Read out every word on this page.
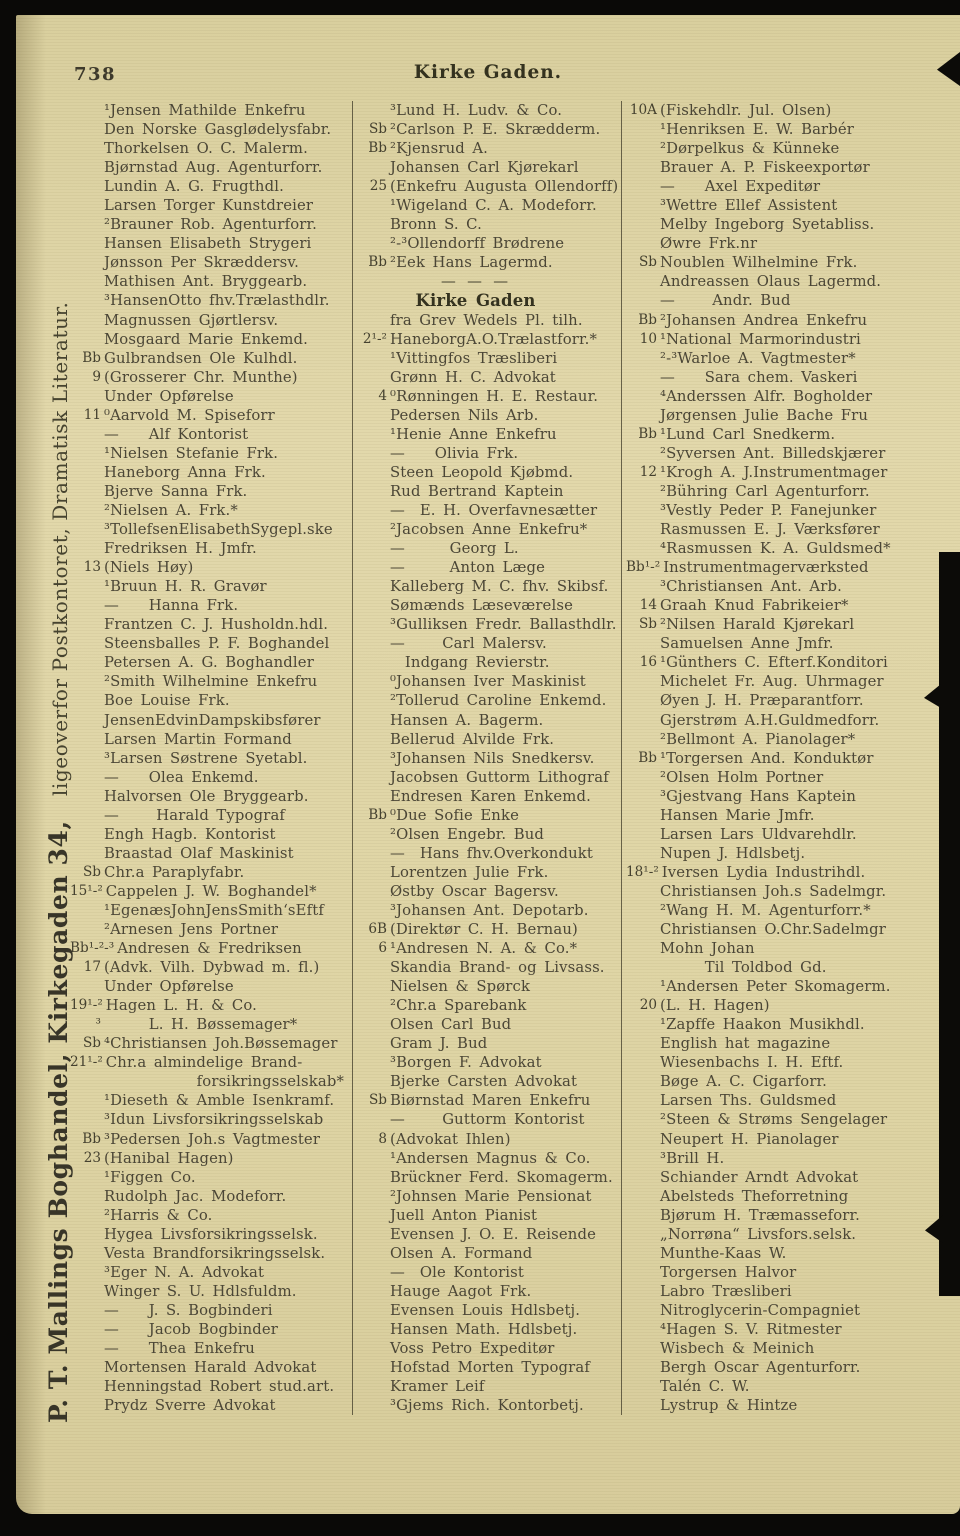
738	Kirke Gaden.
¹Jensen Mathilde Enkefru
Den Norske Gasglødelysfabr.
Thorkelsen O. C. Malerm.
Bjørnstad Aug. Agenturforr.
Lundin A. G. Frugthdl.
Larsen Torger Kunstdreier
²Brauner Rob. Agenturforr.
Hansen Elisabeth Strygeri
Jønsson Per Skræddersv.
Mathisen Ant. Bryggearb.
³HansenOtto fhv.Trælasthdlr.
Magnussen Gjørtlersv.
Mosgaard Marie Enkemd.
Bb Gulbrandsen Ole Kulhdl.
9 (Grosserer Chr. Munthe)
Under Opførelse
11 ⁰Aarvold M. Spiseforr
—    Alf Kontorist
¹Nielsen Stefanie Frk.
Haneborg Anna Frk.
Bjerve Sanna Frk.
²Nielsen A. Frk.*
³TollefsenElisabethSygepl.ske
Fredriksen H. Jmfr.
13 (Niels Høy)
¹Bruun H. R. Gravør
—    Hanna Frk.
Frantzen C. J. Husholdn.hdl.
Steensballes P. F. Boghandel
Petersen A. G. Boghandler
²Smith Wilhelmine Enkefru
Boe Louise Frk.
JensenEdvinDampskibsfører
Larsen Martin Formand
³Larsen Søstrene Syetabl.
—    Olea Enkemd.
Halvorsen Ole Bryggearb.
—     Harald Typograf
Engh Hagb. Kontorist
Braastad Olaf Maskinist
Sb Chr.a Paraplyfabr.
15¹-² Cappelen J. W. Boghandel*
¹EgenæsJohnJensSmith‘sEftf
²Arnesen Jens Portner
Bb¹-²-³ Andresen & Fredriksen
17 (Advk. Vilh. Dybwad m. fl.)
Under Opførelse
19¹-² Hagen L. H. & Co.
³ L. H. Bøssemager*
Sb ⁴Christiansen Joh.Bøssemager
21¹-² Chr.a almindelige Brand-
forsikringsselskab*
¹Dieseth & Amble Isenkramf.
³Idun Livsforsikringsselskab
Bb ³Pedersen Joh.s Vagtmester
23 (Hanibal Hagen)
¹Figgen Co.
Rudolph Jac. Modeforr.
²Harris & Co.
Hygea Livsforsikringsselsk.
Vesta Brandforsikringsselsk.
³Eger N. A. Advokat
Winger S. U. Hdlsfuldm.
—    J. S. Bogbinderi
—    Jacob Bogbinder
—    Thea Enkefru
Mortensen Harald Advokat
Henningstad Robert stud.art.
Prydz Sverre Advokat
³Lund H. Ludv. & Co.
Sb ²Carlson P. E. Skrædderm.
Bb ²Kjensrud A.
Johansen Carl Kjørekarl
25 (Enkefru Augusta Ollendorff)
¹Wigeland C. A. Modeforr.
Bronn S. C.
²-³Ollendorff Brødrene
Bb ²Eek Hans Lagermd.
— — —
Kirke Gaden
fra Grev Wedels Pl. tilh.
2¹-² HaneborgA.O.Trælastforr.*
¹Vittingfos Træsliberi
Grønn H. C. Advokat
4 ⁰Rønningen H. E. Restaur.
Pedersen Nils Arb.
¹Henie Anne Enkefru
—    Olivia Frk.
Steen Leopold Kjøbmd.
Rud Bertrand Kaptein
—  E. H. Overfavnesætter
²Jacobsen Anne Enkefru*
—      Georg L.
—      Anton Læge
Kalleberg M. C. fhv. Skibsf.
Sømænds Læseværelse
³Gulliksen Fredr. Ballasthdlr.
—     Carl Malersv.
Indgang Revierstr.
⁰Johansen Iver Maskinist
²Tollerud Caroline Enkemd.
Hansen A. Bagerm.
Bellerud Alvilde Frk.
³Johansen Nils Snedkersv.
Jacobsen Guttorm Lithograf
Endresen Karen Enkemd.
Bb ⁰Due Sofie Enke
²Olsen Engebr. Bud
—  Hans fhv.Overkondukt
Lorentzen Julie Frk.
Østby Oscar Bagersv.
³Johansen Ant. Depotarb.
6B (Direktør C. H. Bernau)
6 ¹Andresen N. A. & Co.*
Skandia Brand- og Livsass.
Nielsen & Spørck
²Chr.a Sparebank
Olsen Carl Bud
Gram J. Bud
³Borgen F. Advokat
Bjerke Carsten Advokat
Sb Biørnstad Maren Enkefru
—     Guttorm Kontorist
8 (Advokat Ihlen)
¹Andersen Magnus & Co.
Brückner Ferd. Skomagerm.
²Johnsen Marie Pensionat
Juell Anton Pianist
Evensen J. O. E. Reisende
Olsen A. Formand
—  Ole Kontorist
Hauge Aagot Frk.
Evensen Louis Hdlsbetj.
Hansen Math. Hdlsbetj.
Voss Petro Expeditør
Hofstad Morten Typograf
Kramer Leif
³Gjems Rich. Kontorbetj.
10A (Fiskehdlr. Jul. Olsen)
¹Henriksen E. W. Barbér
²Dørpelkus & Künneke
Brauer A. P. Fiskeexportør
—    Axel Expeditør
³Wettre Ellef Assistent
Melby Ingeborg Syetabliss.
Øwre Frk.nr
Sb Noublen Wilhelmine Frk.
Andreassen Olaus Lagermd.
—     Andr. Bud
Bb ²Johansen Andrea Enkefru
10 ¹National Marmorindustri
²-³Warloe A. Vagtmester*
—    Sara chem. Vaskeri
⁴Anderssen Alfr. Bogholder
Jørgensen Julie Bache Fru
Bb ¹Lund Carl Snedkerm.
²Syversen Ant. Billedskjærer
12 ¹Krogh A. J.Instrumentmager
²Bühring Carl Agenturforr.
³Vestly Peder P. Fanejunker
Rasmussen E. J. Værksfører
⁴Rasmussen K. A. Guldsmed*
Bb¹-² Instrumentmagerværksted
³Christiansen Ant. Arb.
14 Graah Knud Fabrikeier*
Sb ²Nilsen Harald Kjørekarl
Samuelsen Anne Jmfr.
16 ¹Günthers C. Efterf.Konditori
Michelet Fr. Aug. Uhrmager
Øyen J. H. Præparantforr.
Gjerstrøm A.H.Guldmedforr.
²Bellmont A. Pianolager*
Bb ¹Torgersen And. Konduktør
²Olsen Holm Portner
³Gjestvang Hans Kaptein
Hansen Marie Jmfr.
Larsen Lars Uldvarehdlr.
Nupen J. Hdlsbetj.
18¹-² Iversen Lydia Industrihdl.
Christiansen Joh.s Sadelmgr.
²Wang H. M. Agenturforr.*
Christiansen O.Chr.Sadelmgr
Mohn Johan
Til Toldbod Gd.
¹Andersen Peter Skomagerm.
20 (L. H. Hagen)
¹Zapffe Haakon Musikhdl.
English hat magazine
Wiesenbachs I. H. Eftf.
Bøge A. C. Cigarforr.
Larsen Ths. Guldsmed
²Steen & Strøms Sengelager
Neupert H. Pianolager
³Brill H.
Schiander Arndt Advokat
Abelsteds Theforretning
Bjørum H. Træmasseforr.
„Norrøna“ Livsfors.selsk.
Munthe-Kaas W.
Torgersen Halvor
Labro Træsliberi
Nitroglycerin-Compagniet
⁴Hagen S. V. Ritmester
Wisbech & Meinich
Bergh Oscar Agenturforr.
Talén C. W.
Lystrup & Hintze
P. T. Mallings Boghandel, Kirkegaden 34,ligeoverfor Postkontoret, Dramatisk Literatur.
